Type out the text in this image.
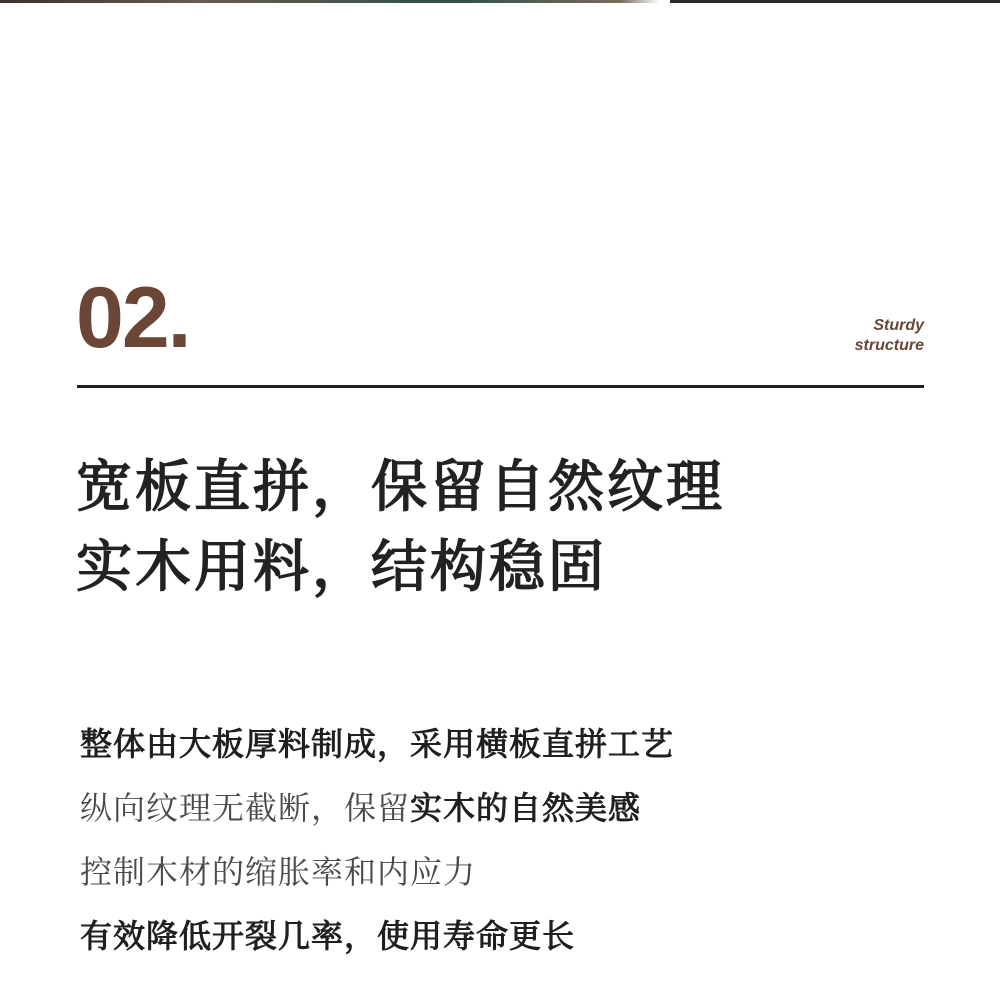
02.	Sturdy
structure
宽板直拼，保留自然纹理
实木用料，结构稳固
整体由大板厚料制成，采用横板直拼工艺
纵向纹理无截断，保留实木的自然美感
控制木材的缩胀率和内应力
有效降低开裂几率，使用寿命更长
